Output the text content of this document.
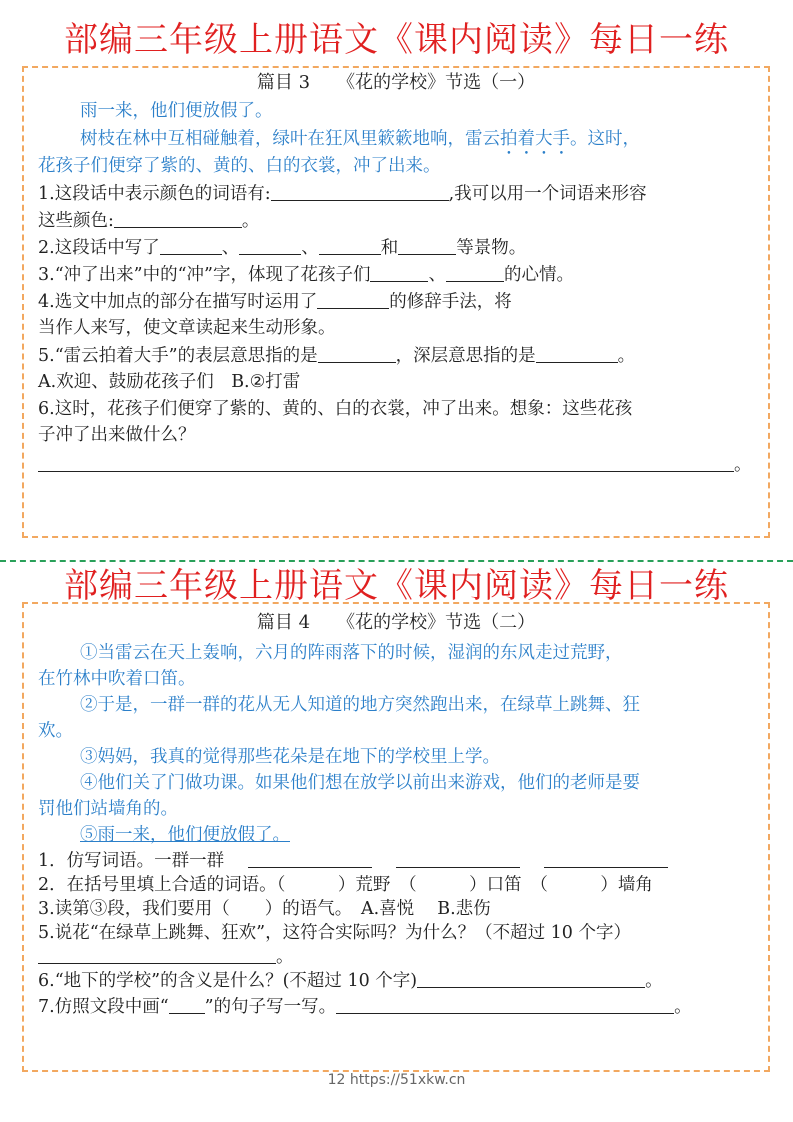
部编三年级上册语文《课内阅读》每日一练
篇目 3　　《花的学校》节选（一）
雨一来，他们便放假了。
树枝在林中互相碰触着，绿叶在狂风里簌簌地响，雷云拍着大手。这时，
花孩子们便穿了紫的、黄的、白的衣裳，冲了出来。
1.这段话中表示颜色的词语有:	,我可以用一个词语来形容
这些颜色:	。
2.这段话中写了	、	、	和	等景物。
3.“冲了出来”中的“冲”字，体现了花孩子们	、	的心情。
4.选文中加点的部分在描写时运用了	的修辞手法，将
当作人来写，使文章读起来生动形象。
5.“雷云拍着大手”的表层意思指的是	，深层意思指的是	。
A.欢迎、鼓励花孩子们　B.②打雷
6.这时，花孩子们便穿了紫的、黄的、白的衣裳，冲了出来。想象：这些花孩
子冲了出来做什么？
。
部编三年级上册语文《课内阅读》每日一练
篇目 4　　《花的学校》节选（二）
①当雷云在天上轰响，六月的阵雨落下的时候，湿润的东风走过荒野，
在竹林中吹着口笛。
②于是，一群一群的花从无人知道的地方突然跑出来，在绿草上跳舞、狂
欢。
③妈妈，我真的觉得那些花朵是在地下的学校里上学。
④他们关了门做功课。如果他们想在放学以前出来游戏，他们的老师是要
罚他们站墙角的。
⑤雨一来，他们便放假了。
1．仿写词语。一群一群
2．在括号里填上合适的词语。（　　　）荒野　（　　　）口笛　（　　　）墙角
3.读第③段，我们要用（　　）的语气。　A.喜悦　 B.悲伤
5.说花“在绿草上跳舞、狂欢”，这符合实际吗？为什么？（不超过 10 个字）
。
6.“地下的学校”的含义是什么？(不超过 10 个字)	。
7.仿照文段中画“ ”的句子写一写。	。
12 https://51xkw.cn
